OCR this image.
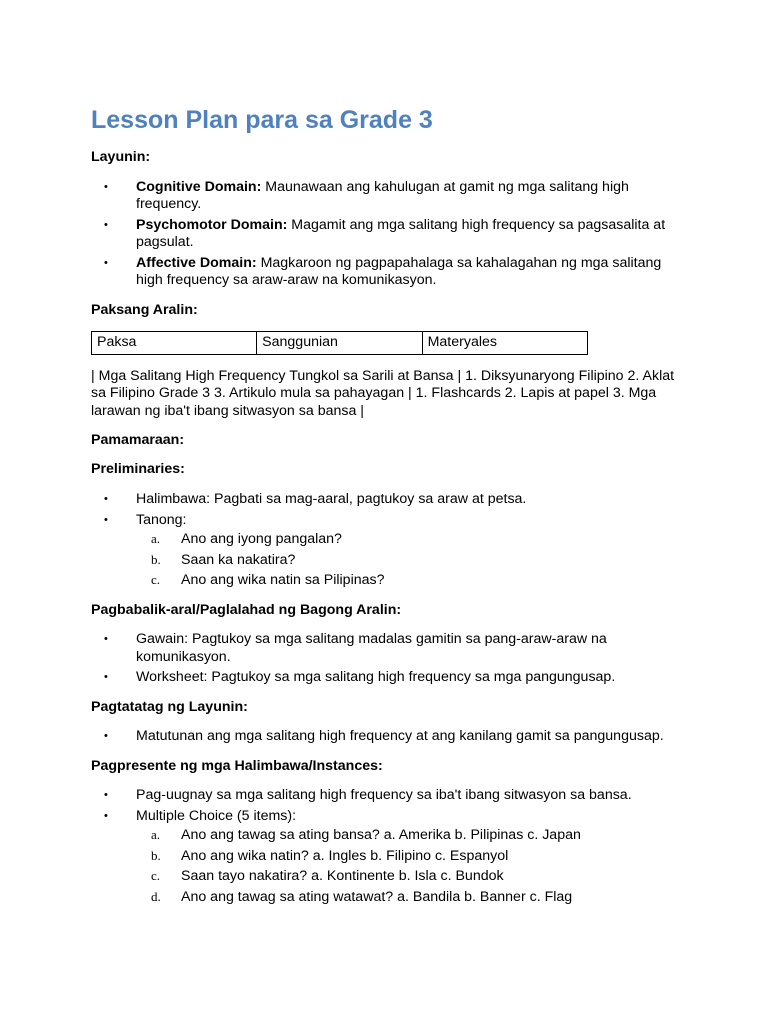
Lesson Plan para sa Grade 3

Layunin:

• Cognitive Domain: Maunawaan ang kahulugan at gamit ng mga salitang high frequency.
• Psychomotor Domain: Magamit ang mga salitang high frequency sa pagsasalita at pagsulat.
• Affective Domain: Magkaroon ng pagpapahalaga sa kahalagahan ng mga salitang high frequency sa araw-araw na komunikasyon.

Paksang Aralin:

Paksa	Sanggunian	Materyales

| Mga Salitang High Frequency Tungkol sa Sarili at Bansa | 1. Diksyunaryong Filipino 2. Aklat sa Filipino Grade 3 3. Artikulo mula sa pahayagan | 1. Flashcards 2. Lapis at papel 3. Mga larawan ng iba't ibang sitwasyon sa bansa |

Pamamaraan:

Preliminaries:

• Halimbawa: Pagbati sa mag-aaral, pagtukoy sa araw at petsa.
• Tanong:
a. Ano ang iyong pangalan?
b. Saan ka nakatira?
c. Ano ang wika natin sa Pilipinas?

Pagbabalik-aral/Paglalahad ng Bagong Aralin:

• Gawain: Pagtukoy sa mga salitang madalas gamitin sa pang-araw-araw na komunikasyon.
• Worksheet: Pagtukoy sa mga salitang high frequency sa mga pangungusap.

Pagtatatag ng Layunin:

• Matutunan ang mga salitang high frequency at ang kanilang gamit sa pangungusap.

Pagpresente ng mga Halimbawa/Instances:

• Pag-uugnay sa mga salitang high frequency sa iba't ibang sitwasyon sa bansa.
• Multiple Choice (5 items):
a. Ano ang tawag sa ating bansa? a. Amerika b. Pilipinas c. Japan
b. Ano ang wika natin? a. Ingles b. Filipino c. Espanyol
c. Saan tayo nakatira? a. Kontinente b. Isla c. Bundok
d. Ano ang tawag sa ating watawat? a. Bandila b. Banner c. Flag
